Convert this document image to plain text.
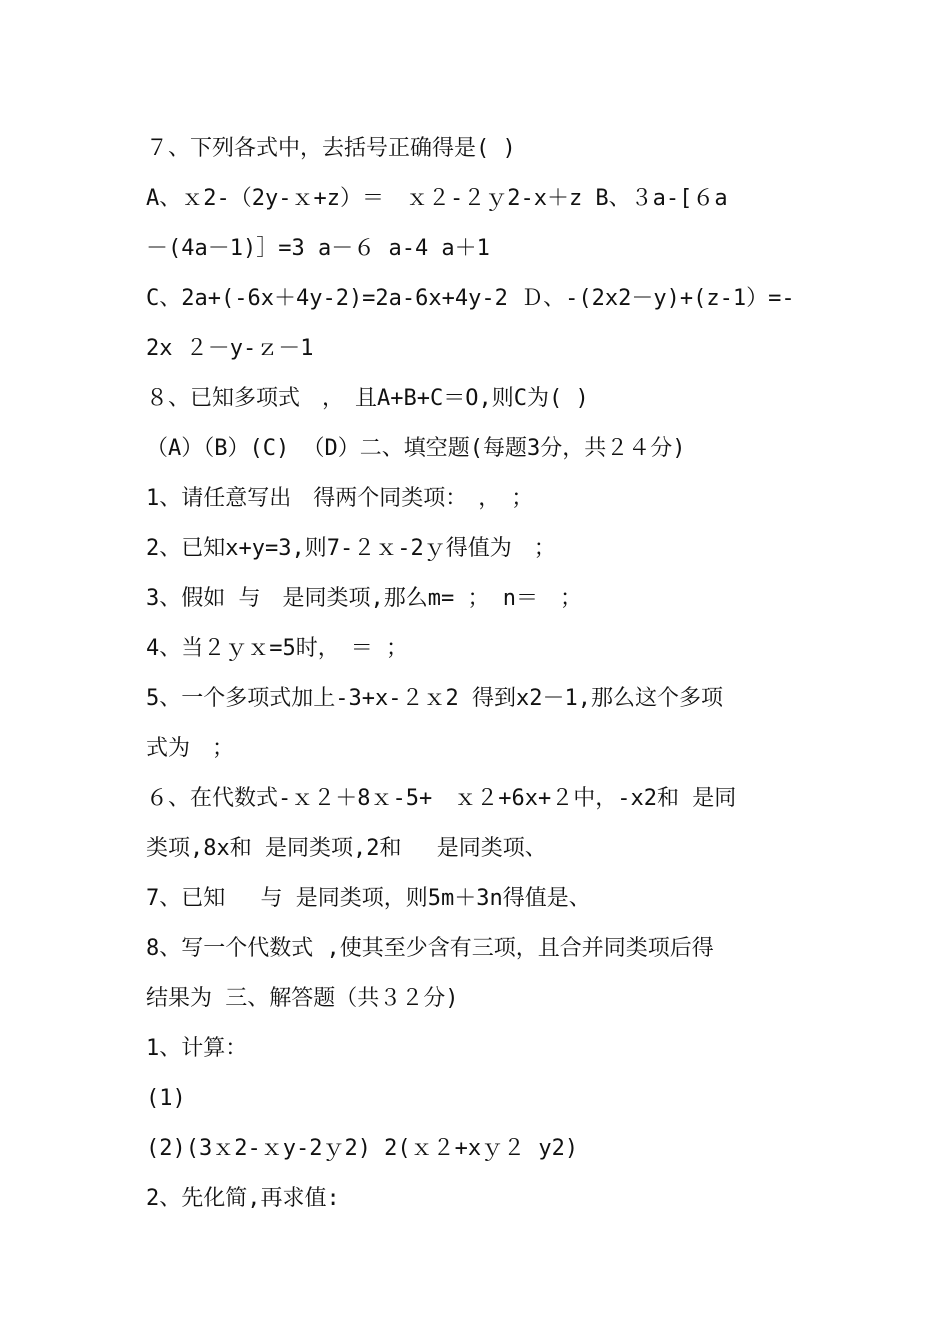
７、下列各式中，去括号正确得是( )
A、ｘ2-（2y-ｘ+z）＝　ｘ２-２ｙ2-x＋z B、３a-[６a
－(4a－1)］=3 a－６ a-4 a＋1
C、2a+(-6x＋4y-2)=2a-6x+4y-2 Ｄ、-(2x2－y)+(z-1）=-
2x ２－y-ｚ－1
８、已知多项式　，　且A+B+C＝O,则C为( )
（A）（B）(C) （D）二、填空题(每题3分，共２４分)
1、请任意写出　得两个同类项：　，　；
2、已知x+y=3,则7-２ｘ-2ｙ得值为　；
3、假如 与　是同类项,那么m= ； n＝　；
4、当２ｙｘ=5时，　＝ ；
5、一个多项式加上-3+x-２ｘ2 得到x2－1,那么这个多项
式为　；
６、在代数式-ｘ２＋8ｘ-5+　ｘ２+6x+２中，-x2和 是同
类项,8x和 是同类项,2和　 是同类项、
7、已知　 与 是同类项，则5m＋3n得值是、
8、写一个代数式 ,使其至少含有三项，且合并同类项后得
结果为 三、解答题（共３２分)
1、计算：
(1)
(2)(3ｘ2-ｘy-2ｙ2) 2(ｘ２+xｙ２ y2)
2、先化简,再求值:
